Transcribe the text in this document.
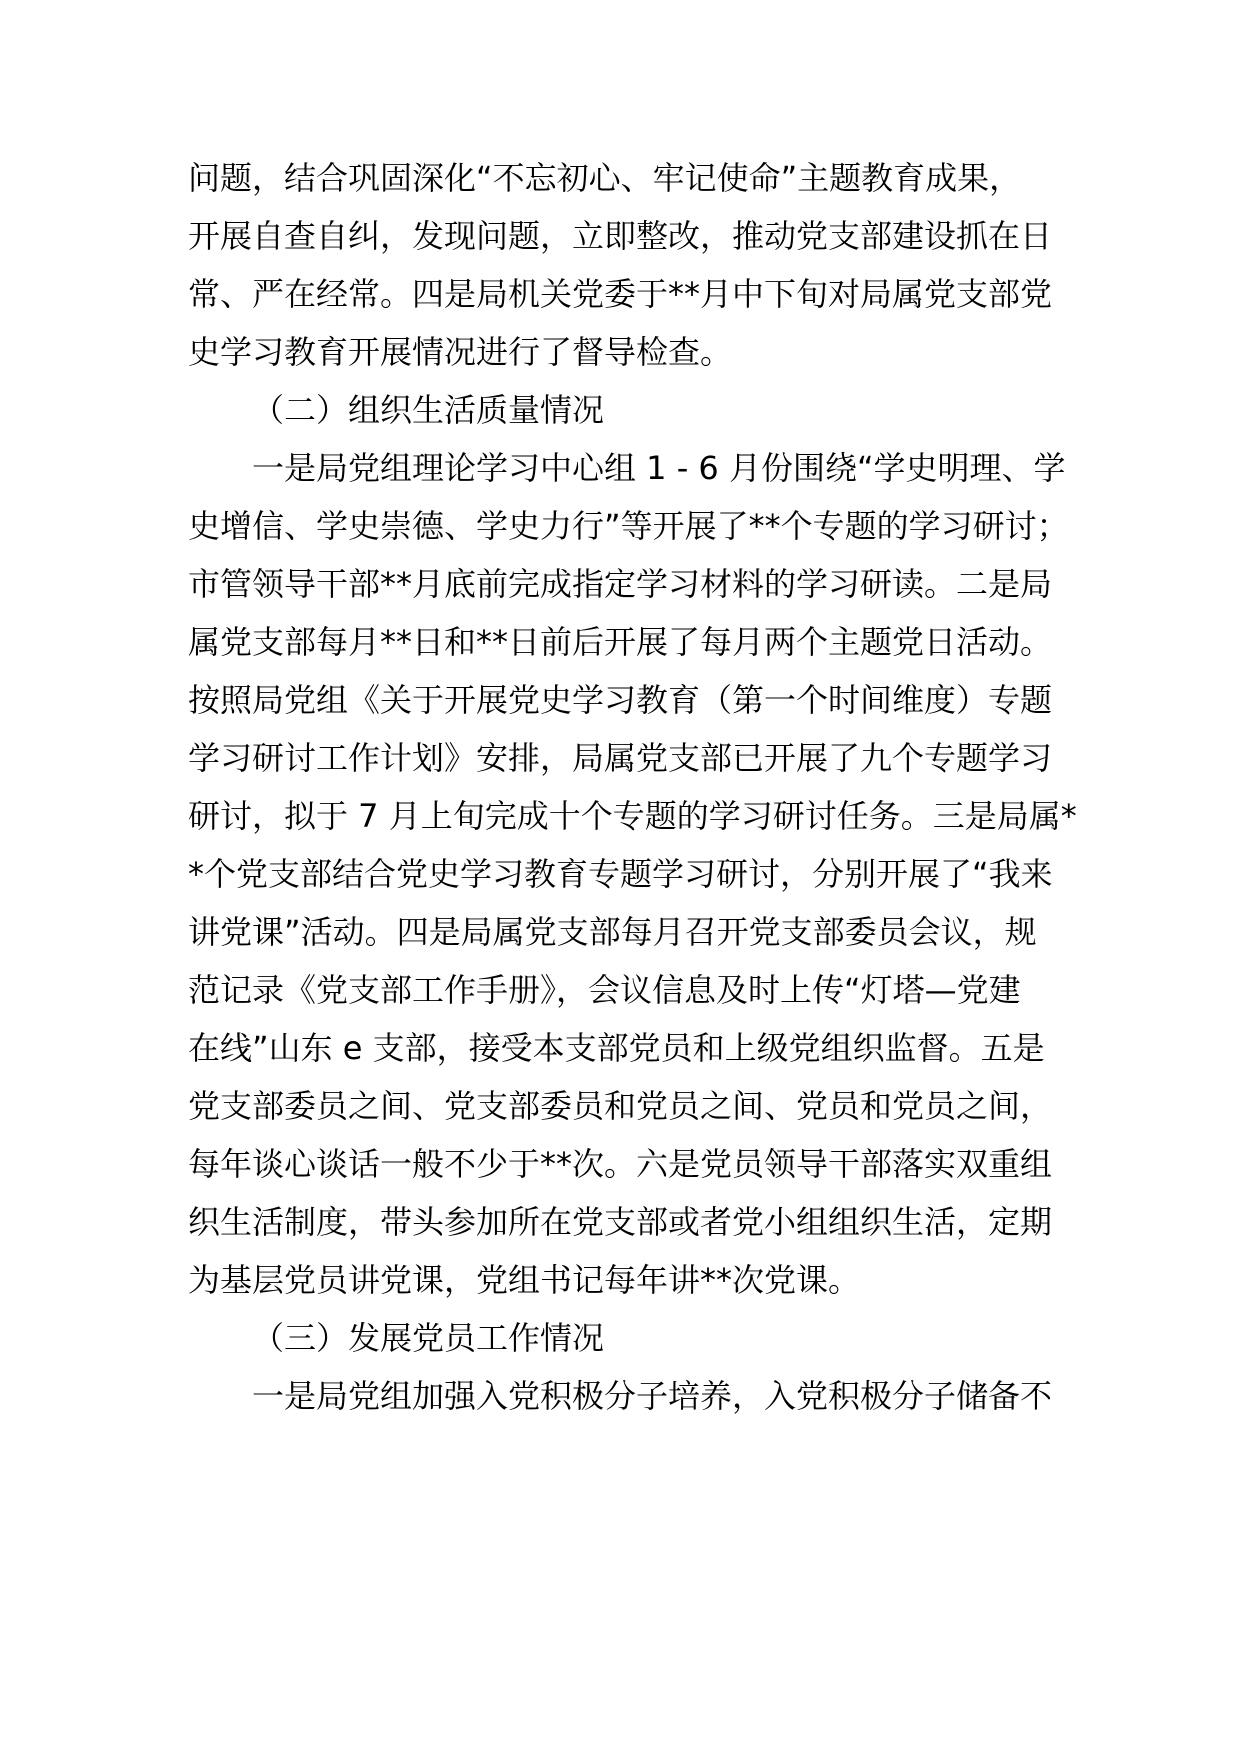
问题，结合巩固深化“不忘初心、牢记使命”主题教育成果，
开展自查自纠，发现问题，立即整改，推动党支部建设抓在日
常、严在经常。四是局机关党委于**月中下旬对局属党支部党
史学习教育开展情况进行了督导检查。
（二）组织生活质量情况
一是局党组理论学习中心组 1 - 6 月份围绕“学史明理、学
史增信、学史崇德、学史力行”等开展了**个专题的学习研讨；
市管领导干部**月底前完成指定学习材料的学习研读。二是局
属党支部每月**日和**日前后开展了每月两个主题党日活动。
按照局党组《关于开展党史学习教育（第一个时间维度）专题
学习研讨工作计划》安排，局属党支部已开展了九个专题学习
研讨，拟于 7 月上旬完成十个专题的学习研讨任务。三是局属*
*个党支部结合党史学习教育专题学习研讨，分别开展了“我来
讲党课”活动。四是局属党支部每月召开党支部委员会议，规
范记录《党支部工作手册》，会议信息及时上传“灯塔—党建
在线”山东 e 支部，接受本支部党员和上级党组织监督。五是
党支部委员之间、党支部委员和党员之间、党员和党员之间，
每年谈心谈话一般不少于**次。六是党员领导干部落实双重组
织生活制度，带头参加所在党支部或者党小组组织生活，定期
为基层党员讲党课，党组书记每年讲**次党课。
（三）发展党员工作情况
一是局党组加强入党积极分子培养，入党积极分子储备不
